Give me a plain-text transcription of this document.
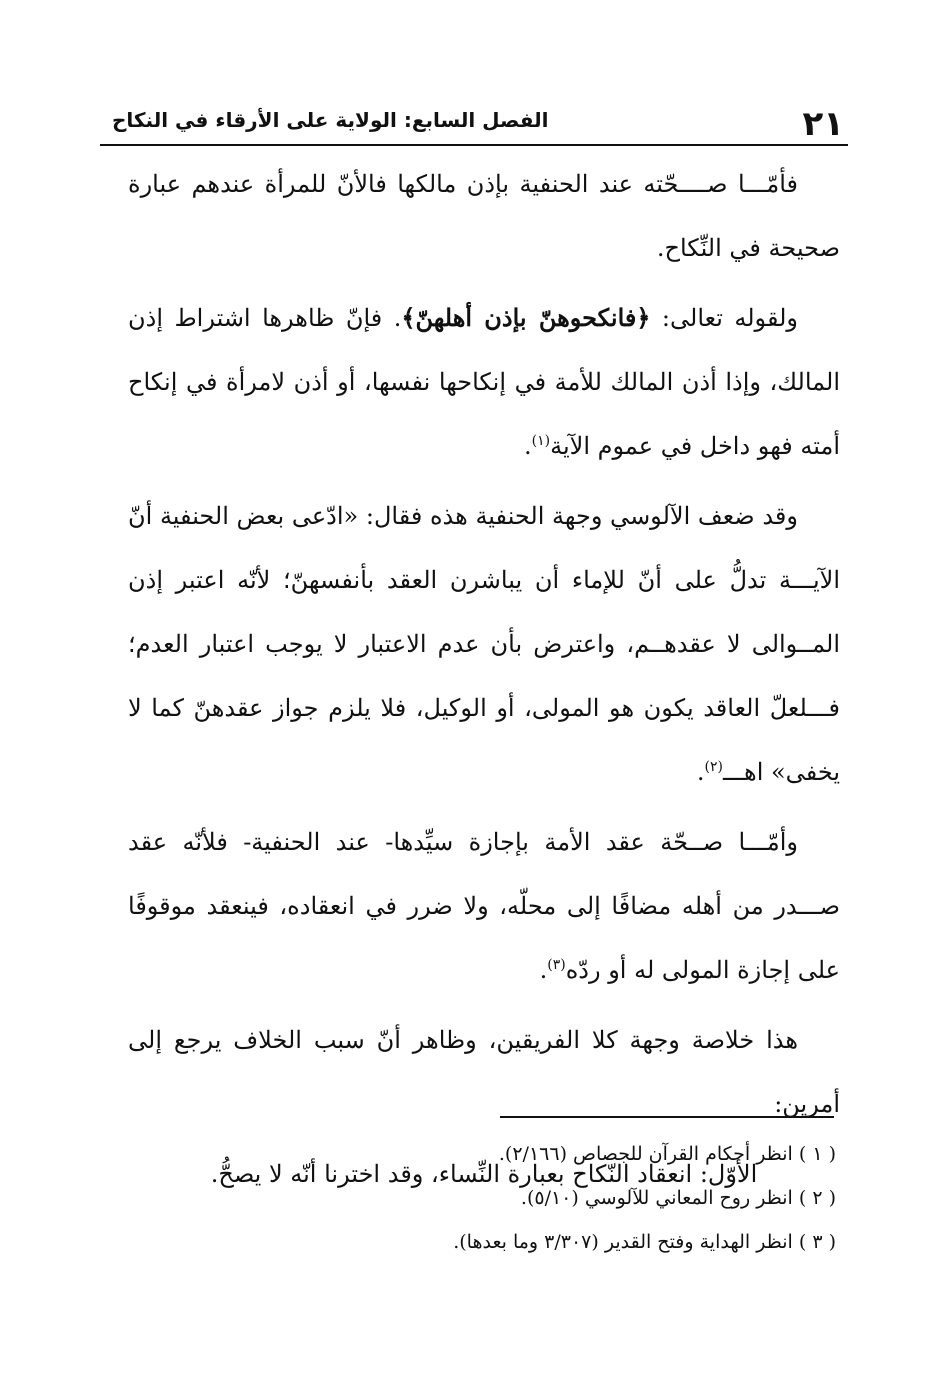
٢١
الفصل السابع: الولاية على الأرقاء في النكاح

فأمّـــا صــــحّته عند الحنفية بإذن مالكها فالأنّ للمرأة عندهم عبارة صحيحة في النِّكاح.

ولقوله تعالى: ﴿فانكحوهنّ بإذن أهلهنّ﴾. فإنّ ظاهرها اشتراط إذن المالك، وإذا أذن المالك للأمة في إنكاحها نفسها، أو أذن لامرأة في إنكاح أمته فهو داخل في عموم الآية$^{(١)}$.

وقد ضعف الآلوسي وجهة الحنفية هذه فقال: «ادّعى بعض الحنفية أنّ الآيـــة تدلُّ على أنّ للإماء أن يباشرن العقد بأنفسهنّ؛ لأنّه اعتبر إذن المــوالى لا عقدهــم، واعترض بأن عدم الاعتبار لا يوجب اعتبار العدم؛ فـــلعلّ العاقد يكون هو المولى، أو الوكيل، فلا يلزم جواز عقدهنّ كما لا يخفى» اهـــ$^{(٢)}$.

وأمّـــا صــحّة عقد الأمة بإجازة سيِّدها- عند الحنفية- فلأنّه عقد صـــدر من أهله مضافًا إلى محلّه، ولا ضرر في انعقاده، فينعقد موقوفًا على إجازة المولى له أو ردّه$^{(٣)}$.

هذا خلاصة وجهة كلا الفريقين، وظاهر أنّ سبب الخلاف يرجع إلى أمرين:

الأوّل: انعقاد النّكاح بعبارة النِّساء، وقد اخترنا أنّه لا يصحُّ.

( ١ ) انظر أحكام القرآن للجصاص (٢/١٦٦).
( ٢ ) انظر روح المعاني للآلوسي (٥/١٠).
( ٣ ) انظر الهداية وفتح القدير (٣/٣٠٧ وما بعدها).
